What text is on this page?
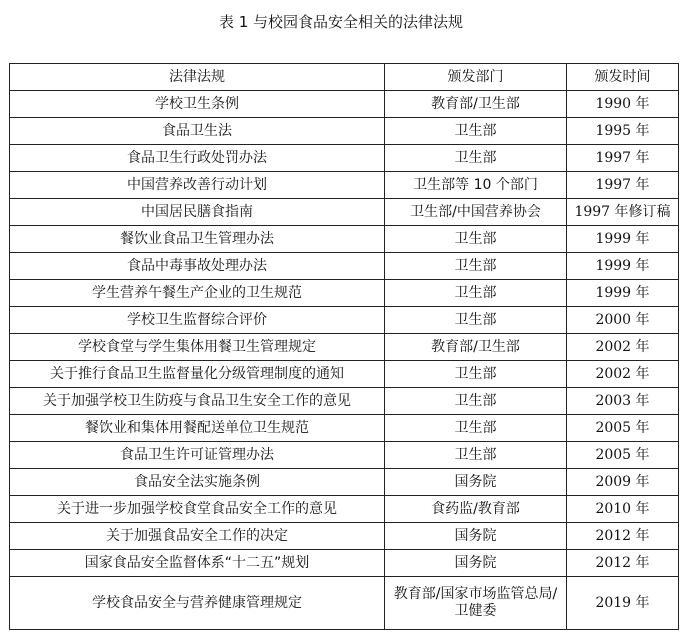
表 1 与校园食品安全相关的法律法规
法律法规	颁发部门	颁发时间
学校卫生条例	教育部/卫生部	1990 年
食品卫生法	卫生部	1995 年
食品卫生行政处罚办法	卫生部	1997 年
中国营养改善行动计划	卫生部等 10 个部门	1997 年
中国居民膳食指南	卫生部/中国营养协会	1997 年修订稿
餐饮业食品卫生管理办法	卫生部	1999 年
食品中毒事故处理办法	卫生部	1999 年
学生营养午餐生产企业的卫生规范	卫生部	1999 年
学校卫生监督综合评价	卫生部	2000 年
学校食堂与学生集体用餐卫生管理规定	教育部/卫生部	2002 年
关于推行食品卫生监督量化分级管理制度的通知	卫生部	2002 年
关于加强学校卫生防疫与食品卫生安全工作的意见	卫生部	2003 年
餐饮业和集体用餐配送单位卫生规范	卫生部	2005 年
食品卫生许可证管理办法	卫生部	2005 年
食品安全法实施条例	国务院	2009 年
关于进一步加强学校食堂食品安全工作的意见	食药监/教育部	2010 年
关于加强食品安全工作的决定	国务院	2012 年
国家食品安全监督体系“十二五”规划	国务院	2012 年
学校食品安全与营养健康管理规定	教育部/国家市场监管总局/卫健委	2019 年
